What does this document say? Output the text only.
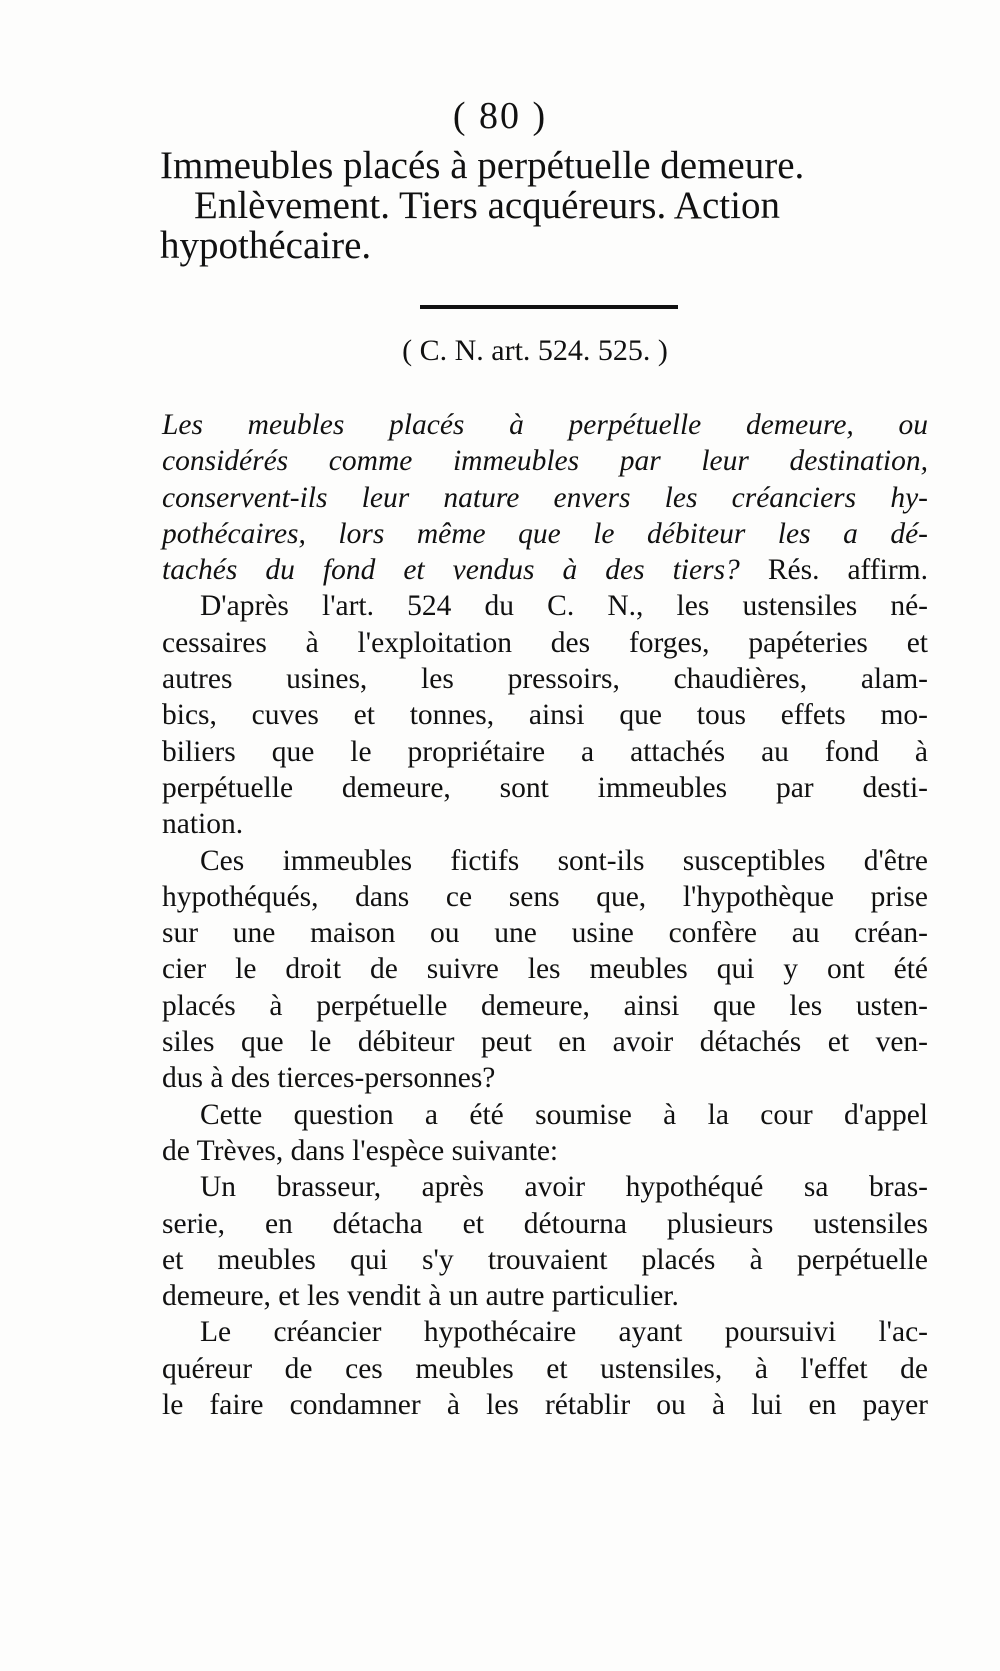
( 80 )
Immeubles placés à perpétuelle demeure.
Enlèvement. Tiers acquéreurs. Action
hypothécaire.
( C. N. art. 524. 525. )
Les meubles placés à perpétuelle demeure, ou
considérés comme immeubles par leur destination,
conservent-ils leur nature envers les créanciers hy-
pothécaires, lors même que le débiteur les a dé-
tachés du fond et vendus à des tiers? Rés. affirm.
D'après l'art. 524 du C. N., les ustensiles né-
cessaires à l'exploitation des forges, papéteries et
autres usines, les pressoirs, chaudières, alam-
bics, cuves et tonnes, ainsi que tous effets mo-
biliers que le propriétaire a attachés au fond à
perpétuelle demeure, sont immeubles par desti-
nation.
Ces immeubles fictifs sont-ils susceptibles d'être
hypothéqués, dans ce sens que, l'hypothèque prise
sur une maison ou une usine confère au créan-
cier le droit de suivre les meubles qui y ont été
placés à perpétuelle demeure, ainsi que les usten-
siles que le débiteur peut en avoir détachés et ven-
dus à des tierces-personnes?
Cette question a été soumise à la cour d'appel
de Trèves, dans l'espèce suivante:
Un brasseur, après avoir hypothéqué sa bras-
serie, en détacha et détourna plusieurs ustensiles
et meubles qui s'y trouvaient placés à perpétuelle
demeure, et les vendit à un autre particulier.
Le créancier hypothécaire ayant poursuivi l'ac-
quéreur de ces meubles et ustensiles, à l'effet de
le faire condamner à les rétablir ou à lui en payer
